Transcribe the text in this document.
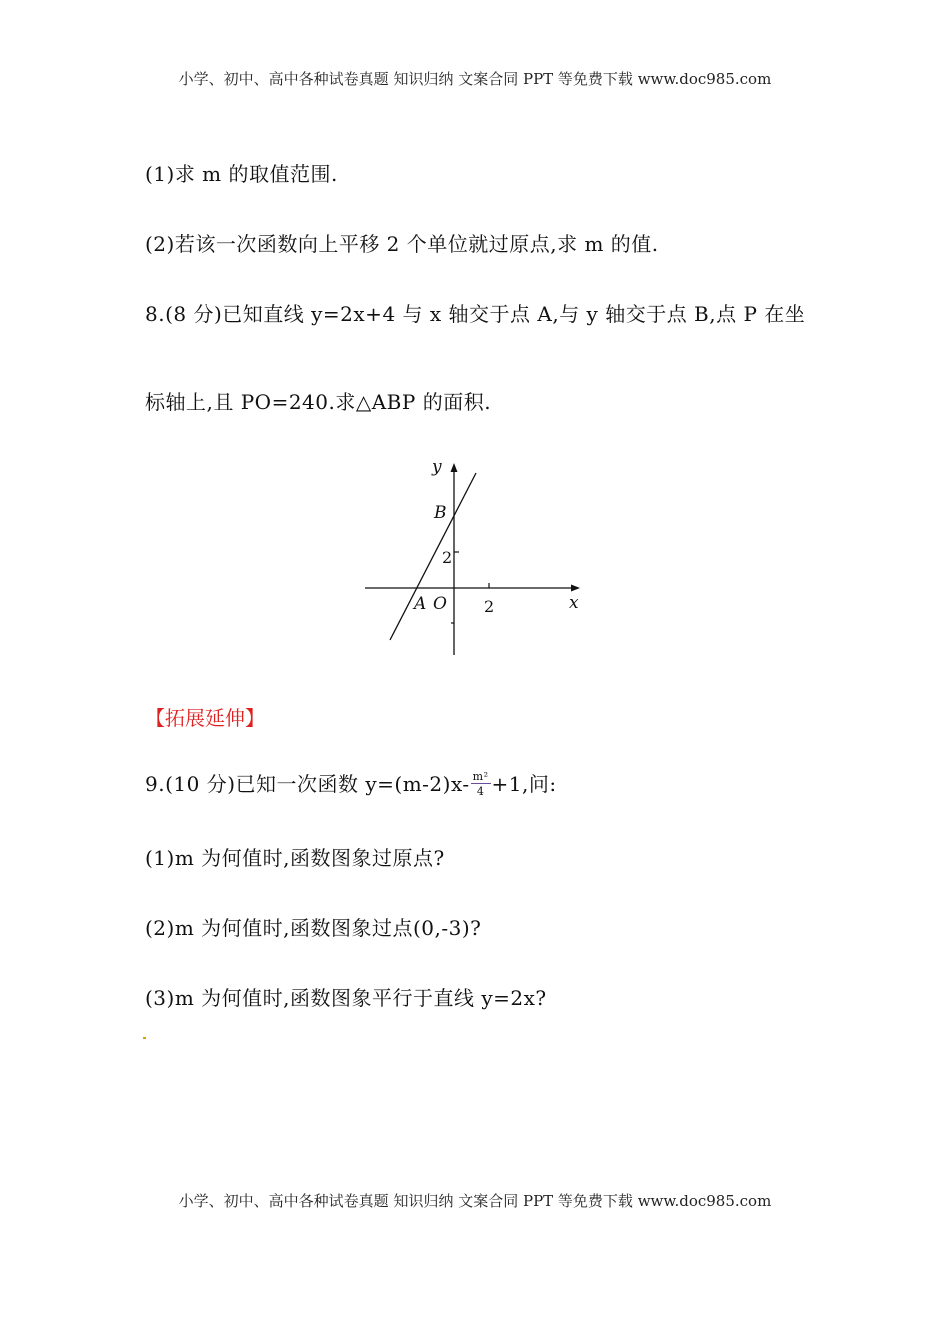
小学、初中、高中各种试卷真题 知识归纳 文案合同 PPT 等免费下载 www.doc985.com
(1)求 m 的取值范围.
(2)若该一次函数向上平移 2 个单位就过原点,求 m 的值.
8.(8 分)已知直线 y=2x+4 与 x 轴交于点 A,与 y 轴交于点 B,点 P 在坐
标轴上,且 PO=240.求△ABP 的面积.
y
x
B
2
A O 2
【拓展延伸】
9.(10 分)已知一次函数 $y=(m-2)x- \frac{\text{m²}}{4} +1$,问:
(1)m 为何值时,函数图象过原点?
(2)m 为何值时,函数图象过点(0,-3)?
(3)m 为何值时,函数图象平行于直线 y=2x?
小学、初中、高中各种试卷真题 知识归纳 文案合同 PPT 等免费下载 www.doc985.com
